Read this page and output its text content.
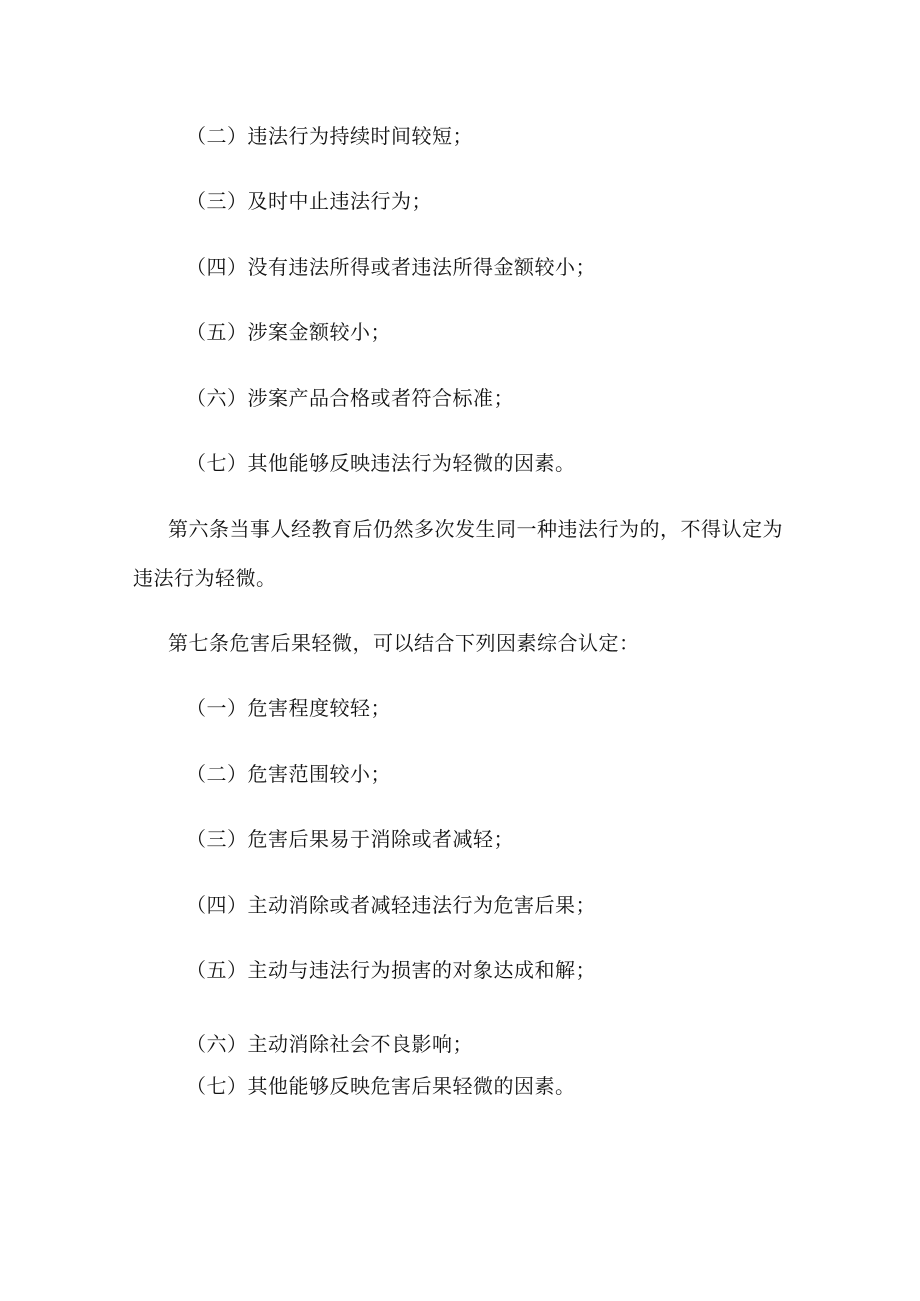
（二）违法行为持续时间较短；
（三）及时中止违法行为；
（四）没有违法所得或者违法所得金额较小；
（五）涉案金额较小；
（六）涉案产品合格或者符合标准；
（七）其他能够反映违法行为轻微的因素。
第六条当事人经教育后仍然多次发生同一种违法行为的，不得认定为
违法行为轻微。
第七条危害后果轻微，可以结合下列因素综合认定：
（一）危害程度较轻；
（二）危害范围较小；
（三）危害后果易于消除或者减轻；
（四）主动消除或者减轻违法行为危害后果；
（五）主动与违法行为损害的对象达成和解；
（六）主动消除社会不良影响；
（七）其他能够反映危害后果轻微的因素。
